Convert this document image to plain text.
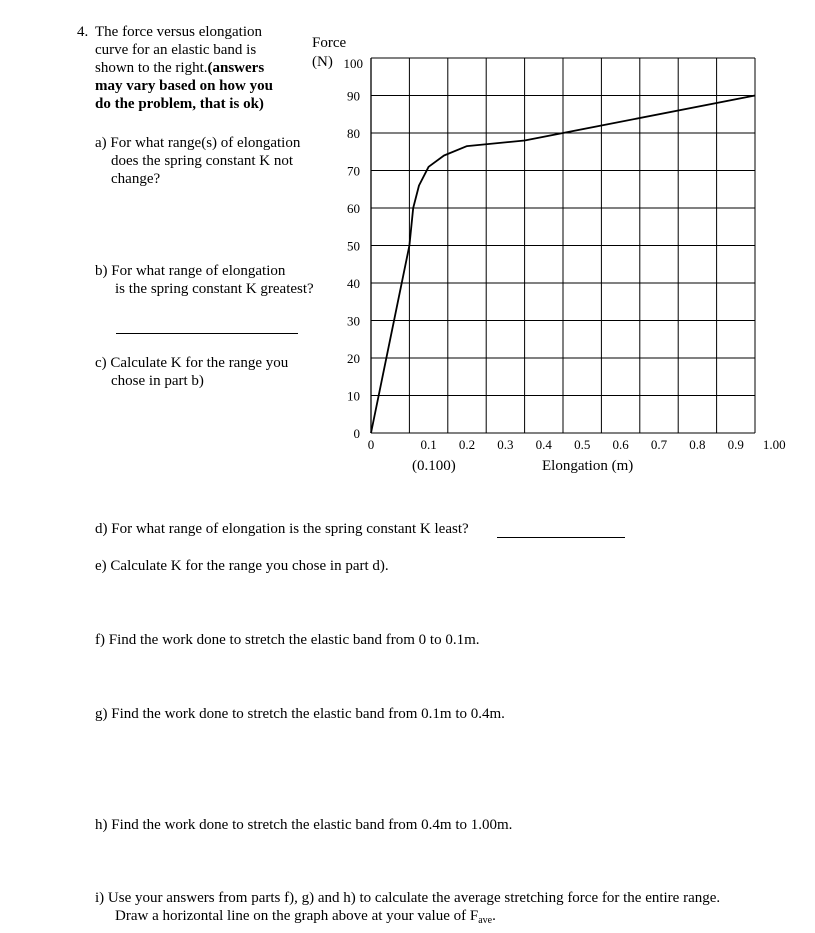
4. The force versus elongation
curve for an elastic band is
shown to the right.(answers
may vary based on how you
do the problem, that is ok)
a) For what range(s) of elongation
does the spring constant K not
change?
b) For what range of elongation
is the spring constant K greatest?
c) Calculate K for the range you
chose in part b)
90
80
70
60
50
40
30
20
10
0
100
0	0.1 0.2 0.3 0.4 0.5 0.6 0.7 0.8 0.9 1.00
Force
(N)
(0.100)	Elongation (m)
d) For what range of elongation is the spring constant K least?
e) Calculate K for the range you chose in part d).
f) Find the work done to stretch the elastic band from 0 to 0.1m.
g) Find the work done to stretch the elastic band from 0.1m to 0.4m.
h) Find the work done to stretch the elastic band from 0.4m to 1.00m.
i) Use your answers from parts f), g) and h) to calculate the average stretching force for the entire range.
Draw a horizontal line on the graph above at your value of $F_{ave}$.
